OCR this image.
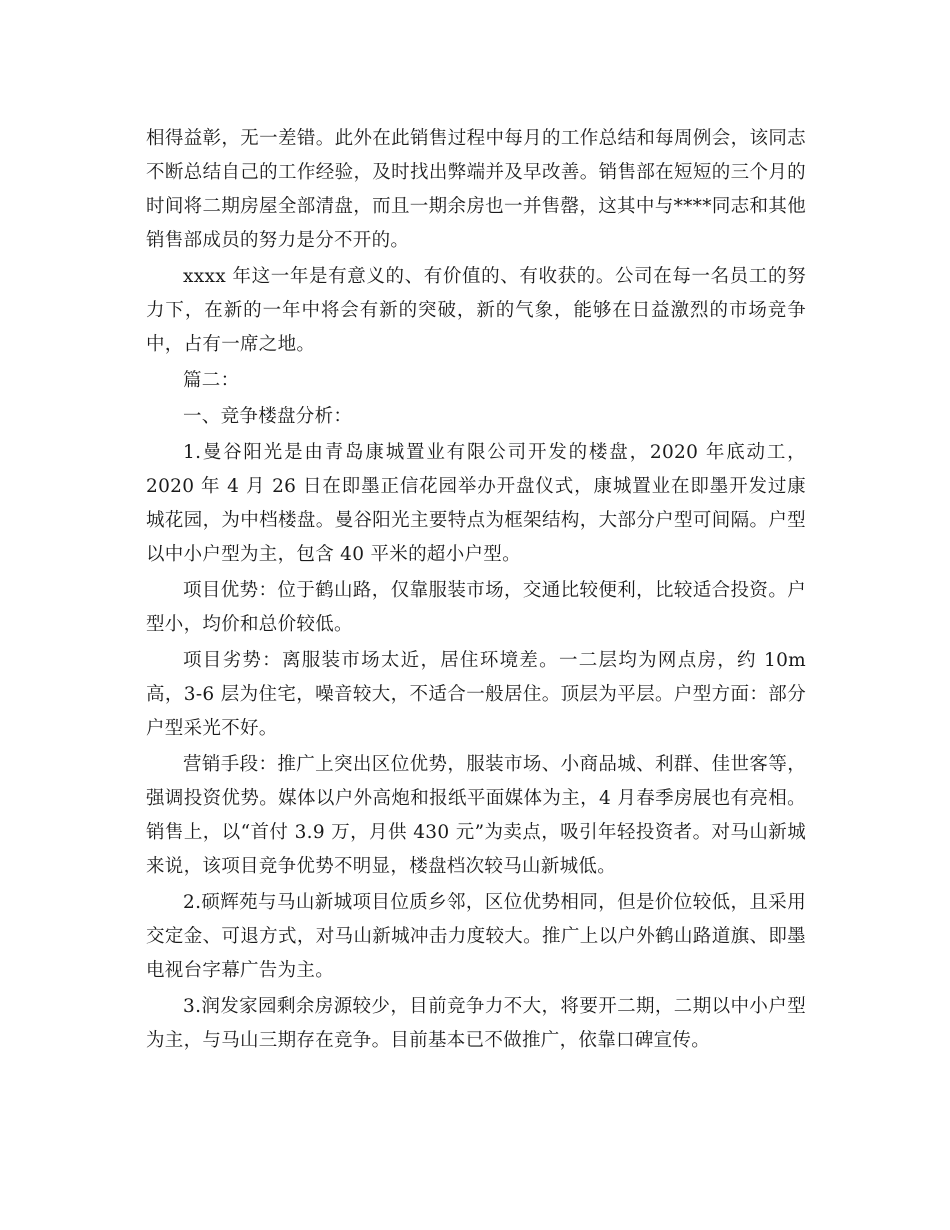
相得益彰，无一差错。此外在此销售过程中每月的工作总结和每周例会，该同志不断总结自己的工作经验，及时找出弊端并及早改善。销售部在短短的三个月的时间将二期房屋全部清盘，而且一期余房也一并售罄，这其中与****同志和其他销售部成员的努力是分不开的。

xxxx 年这一年是有意义的、有价值的、有收获的。公司在每一名员工的努力下，在新的一年中将会有新的突破，新的气象，能够在日益激烈的市场竞争中，占有一席之地。

篇二：

一、竞争楼盘分析：

1.曼谷阳光是由青岛康城置业有限公司开发的楼盘，2020 年底动工，2020 年 4 月 26 日在即墨正信花园举办开盘仪式，康城置业在即墨开发过康城花园，为中档楼盘。曼谷阳光主要特点为框架结构，大部分户型可间隔。户型以中小户型为主，包含 40 平米的超小户型。

项目优势：位于鹤山路，仅靠服装市场，交通比较便利，比较适合投资。户型小，均价和总价较低。

项目劣势：离服装市场太近，居住环境差。一二层均为网点房，约 10m 高，3-6 层为住宅，噪音较大，不适合一般居住。顶层为平层。户型方面：部分户型采光不好。

营销手段：推广上突出区位优势，服装市场、小商品城、利群、佳世客等，强调投资优势。媒体以户外高炮和报纸平面媒体为主，4 月春季房展也有亮相。销售上，以“首付 3.9 万，月供 430 元”为卖点，吸引年轻投资者。对马山新城来说，该项目竞争优势不明显，楼盘档次较马山新城低。

2.硕辉苑与马山新城项目位质乡邻，区位优势相同，但是价位较低，且采用交定金、可退方式，对马山新城冲击力度较大。推广上以户外鹤山路道旗、即墨电视台字幕广告为主。

3.润发家园剩余房源较少，目前竞争力不大，将要开二期，二期以中小户型为主，与马山三期存在竞争。目前基本已不做推广，依靠口碑宣传。
